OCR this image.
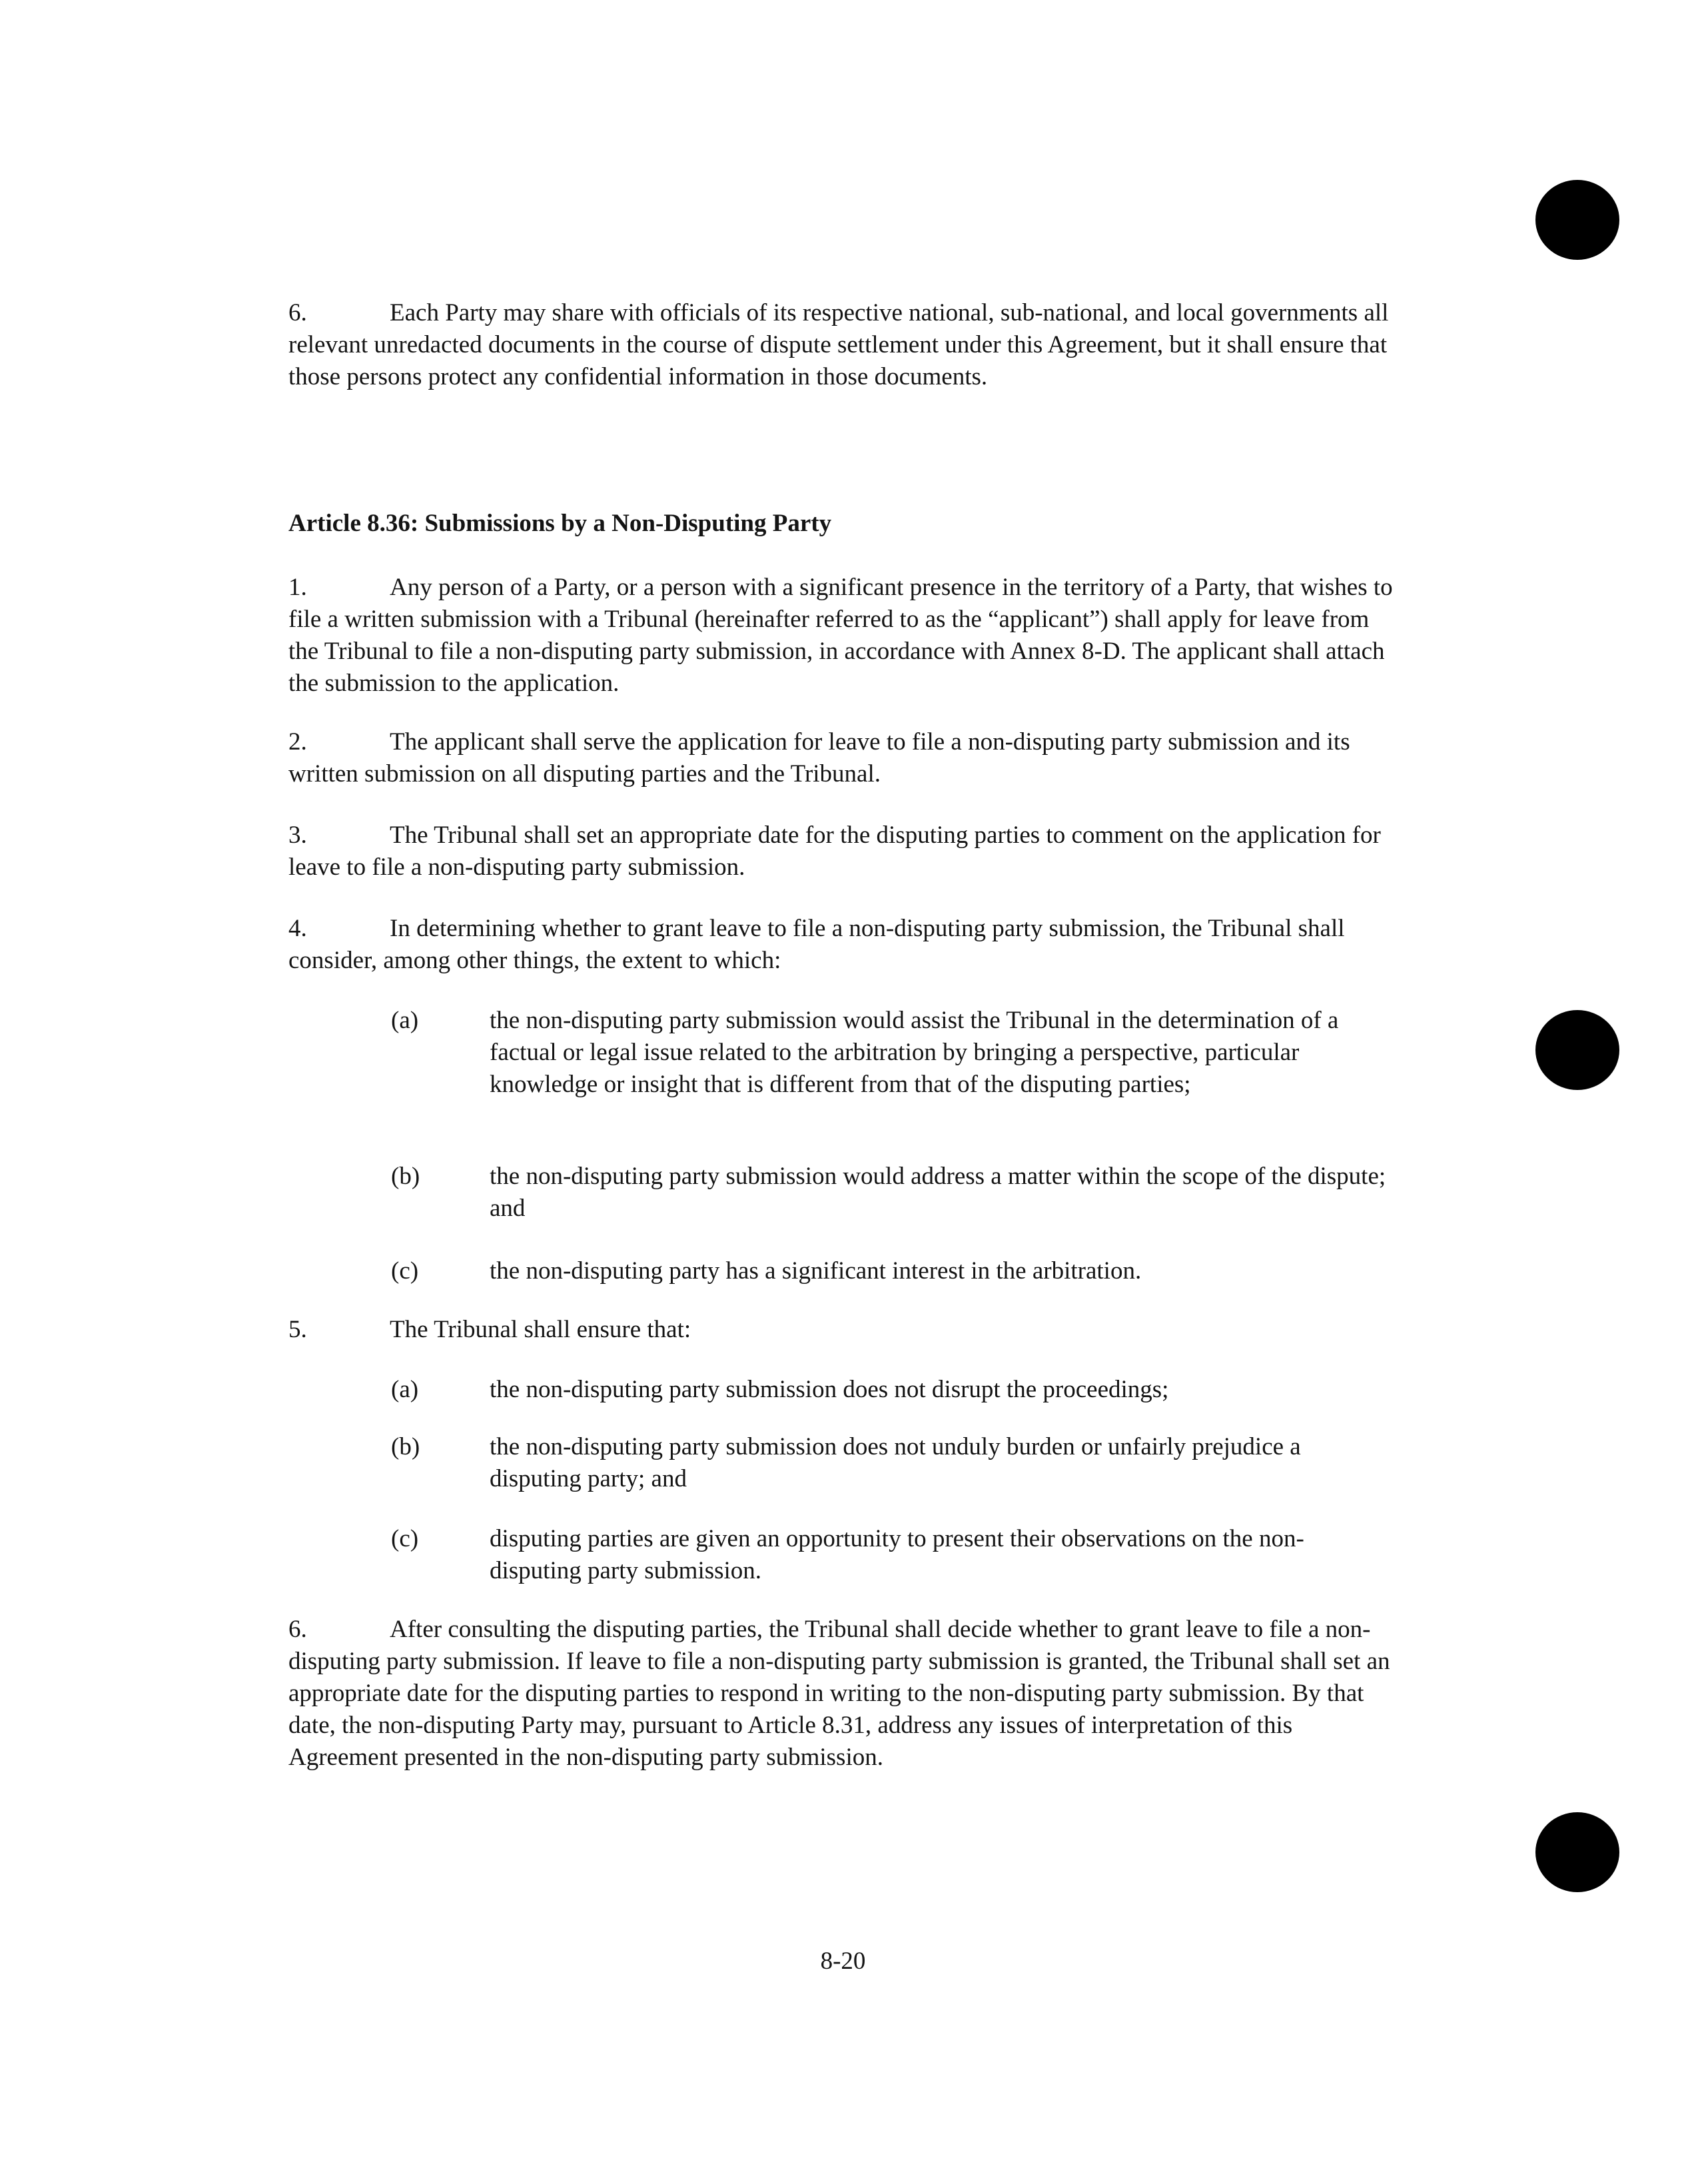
6.	Each Party may share with officials of its respective national, sub-national, and local governments all relevant unredacted documents in the course of dispute settlement under this Agreement, but it shall ensure that those persons protect any confidential information in those documents.
Article 8.36: Submissions by a Non-Disputing Party
1.	Any person of a Party, or a person with a significant presence in the territory of a Party, that wishes to file a written submission with a Tribunal (hereinafter referred to as the “applicant”) shall apply for leave from the Tribunal to file a non-disputing party submission, in accordance with Annex 8-D. The applicant shall attach the submission to the application.
2.	The applicant shall serve the application for leave to file a non-disputing party submission and its written submission on all disputing parties and the Tribunal.
3.	The Tribunal shall set an appropriate date for the disputing parties to comment on the application for leave to file a non-disputing party submission.
4.	In determining whether to grant leave to file a non-disputing party submission, the Tribunal shall consider, among other things, the extent to which:
(a)	the non-disputing party submission would assist the Tribunal in the determination of a factual or legal issue related to the arbitration by bringing a perspective, particular knowledge or insight that is different from that of the disputing parties;
(b)	the non-disputing party submission would address a matter within the scope of the dispute; and
(c)	the non-disputing party has a significant interest in the arbitration.
5.	The Tribunal shall ensure that:
(a)	the non-disputing party submission does not disrupt the proceedings;
(b)	the non-disputing party submission does not unduly burden or unfairly prejudice a disputing party; and
(c)	disputing parties are given an opportunity to present their observations on the non-disputing party submission.
6.	After consulting the disputing parties, the Tribunal shall decide whether to grant leave to file a non-disputing party submission. If leave to file a non-disputing party submission is granted, the Tribunal shall set an appropriate date for the disputing parties to respond in writing to the non-disputing party submission. By that date, the non-disputing Party may, pursuant to Article 8.31, address any issues of interpretation of this Agreement presented in the non-disputing party submission.
8-20
